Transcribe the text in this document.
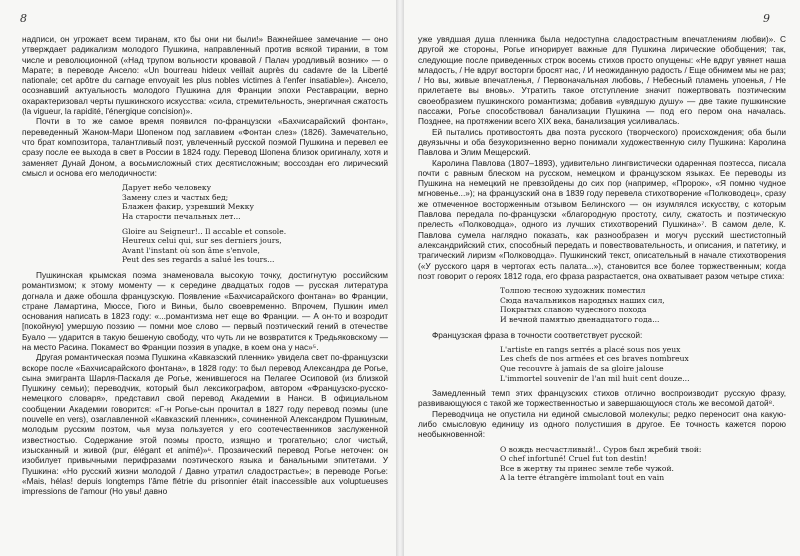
8

надписи, он угрожает всем тиранам, кто бы они ни были!» Важнейшее замечание — оно утверждает радикализм молодого Пушкина, направленный против всякой тирании, в том числе и революционной («Над трупом вольности кровавой / Палач уродливый возник» — о Марате; в переводе Ансело: «Un bourreau hideux veillait auprès du cadavre de la Liberté nationale; cet apôtre du carnage envoyait les plus nobles victimes à l'enfer insatiable»). Ансело, осознавший актуальность молодого Пушкина для Франции эпохи Реставрации, верно охарактеризовал черты пушкинского искусства: «сила, стремительность, энергичная сжатость (la vigueur, la rapidité, l'énergique concision)».

Почти в то же самое время появился по-французски «Бахчисарайский фонтан», переведенный Жаном-Мари Шопеном под заглавием «Фонтан слез» (1826). Замечательно, что брат композитора, талантливый поэт, увлеченный русской поэмой Пушкина и перевел ее сразу после ее выхода в свет в России в 1824 году. Перевод Шопена близок оригиналу, хотя и заменяет Дунай Доном, а восьмисложный стих десятисложным; воссоздан его лирический смысл и основа его мелодичности:

Дарует небо человеку
Замену слез и частых бед;
Блажен факир, узревший Мекку
На старости печальных лет...
Gloire au Seigneur!.. Il accable et console.
Heureux celui qui, sur ses derniers jours,
Avant l'instant où son âme s'envole,
Peut des ses regards a salué les tours...

Пушкинская крымская поэма знаменовала высокую точку, достигнутую российским романтизмом; к этому моменту — к середине двадцатых годов — русская литература догнала и даже обошла французскую. Появление «Бахчисарайского фонтана» во Франции, стране Ламартина, Мюссе, Гюго и Виньи, было своевременно. Впрочем, Пушкин имел основания написать в 1823 году: «...романтизма нет еще во Франции. — А он-то и возродит [покойную] умершую поэзию — помни мое слово — первый поэтический гений в отечестве Буало — ударится в такую бешеную свободу, что чуть ли не возвратится к Тредьяковскому — на место Расина. Покамест во Франции поэзия в упадке, в коем она у нас»⁵.

Другая романтическая поэма Пушкина «Кавказский пленник» увидела свет по-французски вскоре после «Бахчисарайского фонтана», в 1828 году: то был перевод Александра де Рогье, сына эмигранта Шарля-Паскаля де Рогье, женившегося на Пелагее Осиповой (из близкой Пушкину семьи); переводчик, который был лексикографом, автором «Французско-русско-немецкого словаря», представил свой перевод Академии в Нанси. В официальном сообщении Академии говорится: «Г-н Рогье-сын прочитал в 1827 году перевод поэмы (une nouvelle en vers), озаглавленной «Кавказский пленник», сочиненной Александром Пушкиным, молодым русским поэтом, чья муза пользуется у его соотечественников заслуженной известностью. Содержание этой поэмы просто, изящно и трогательно; слог чистый, изысканный и живой (pur, élégant et animé)»⁶. Прозаический перевод Рогье неточен: он изобилует привычными перифразами поэтического языка и банальными эпитетами. У Пушкина: «Но русский жизни молодой / Давно утратил сладострастье»; в переводе Рогье: «Mais, hélas! depuis longtemps l'âme flétrie du prisonnier était inaccessible aux voluptueuses impressions de l'amour (Но увы! давно

9

уже увядшая душа пленника была недоступна сладострастным впечатлениям любви)». С другой же стороны, Рогье игнорирует важные для Пушкина лирические обобщения; так, следующие после приведенных строк восемь стихов просто опущены: «Не вдруг увянет наша младость, / Не вдруг восторги бросят нас, / И неожиданную радость / Еще обнимем мы не раз; / Но вы, живые впечатленья, / Первоначальная любовь, / Небесный пламень упоенья, / Не прилетаете вы вновь». Утратить такое отступление значит пожертвовать поэтическим своеобразием пушкинского романтизма; добавив «увядшую душу» — две такие пушкинские пассажи, Рогье способствовал банализации Пушкина — под его пером она началась. Позднее, на протяжении всего XIX века, банализация усиливалась.

Ей пытались противостоять два поэта русского (творческого) происхождения; оба были двуязычны и оба безукоризненно верно понимали художественную силу Пушкина: Каролина Павлова и Элим Мещерский.

Каролина Павлова (1807–1893), удивительно лингвистически одаренная поэтесса, писала почти с равным блеском на русском, немецком и французском языках. Ее переводы из Пушкина на немецкий не превзойдены до сих пор (например, «Пророк», «Я помню чудное мгновенье...»); на французский она в 1839 году перевела стихотворение «Полководец», сразу же отмеченное восторженным отзывом Белинского — он изумлялся искусству, с которым Павлова передала по-французски «благородную простоту, силу, сжатость и поэтическую прелесть «Полководца», одного из лучших стихотворений Пушкина»⁷. В самом деле, К. Павлова сумела наглядно показать, как разнообразен и могуч русский шестистопный александрийский стих, способный передать и повествовательность, и описания, и патетику, и трагический лиризм «Полководца». Пушкинский текст, описательный в начале стихотворения («У русского царя в чертогах есть палата...»), становится все более торжественным; когда поэт говорит о героях 1812 года, его фраза разрастается, она охватывает разом четыре стиха:

Толпою тесною художник поместил
Сюда начальников народных наших сил,
Покрытых славою чудесного похода
И вечной памятью двенадцатого года...

Французская фраза в точности соответствует русской:

L'artiste en rangs serrés a placé sous nos yeux
Les chefs de nos armées et ces braves nombreux
Que recouvre à jamais de sa gloire jalouse
L'immortel souvenir de l'an mil huit cent douze...

Замедленный темп этих французских стихов отлично воспроизводит русскую фразу, развивающуюся с такой же торжественностью и завершающуюся столь же весомой датой⁸.

Переводчица не опустила ни единой смысловой молекулы; редко переносит она какую-либо смысловую единицу из одного полустишия в другое. Ее точность кажется порою необыкновенной:

О вождь несчастливый!.. Суров был жребий твой:
O chef infortuné! Cruel fut ton destin!
Все в жертву ты принес земле тебе чужой.
A la terre étrangère immolant tout en vain
